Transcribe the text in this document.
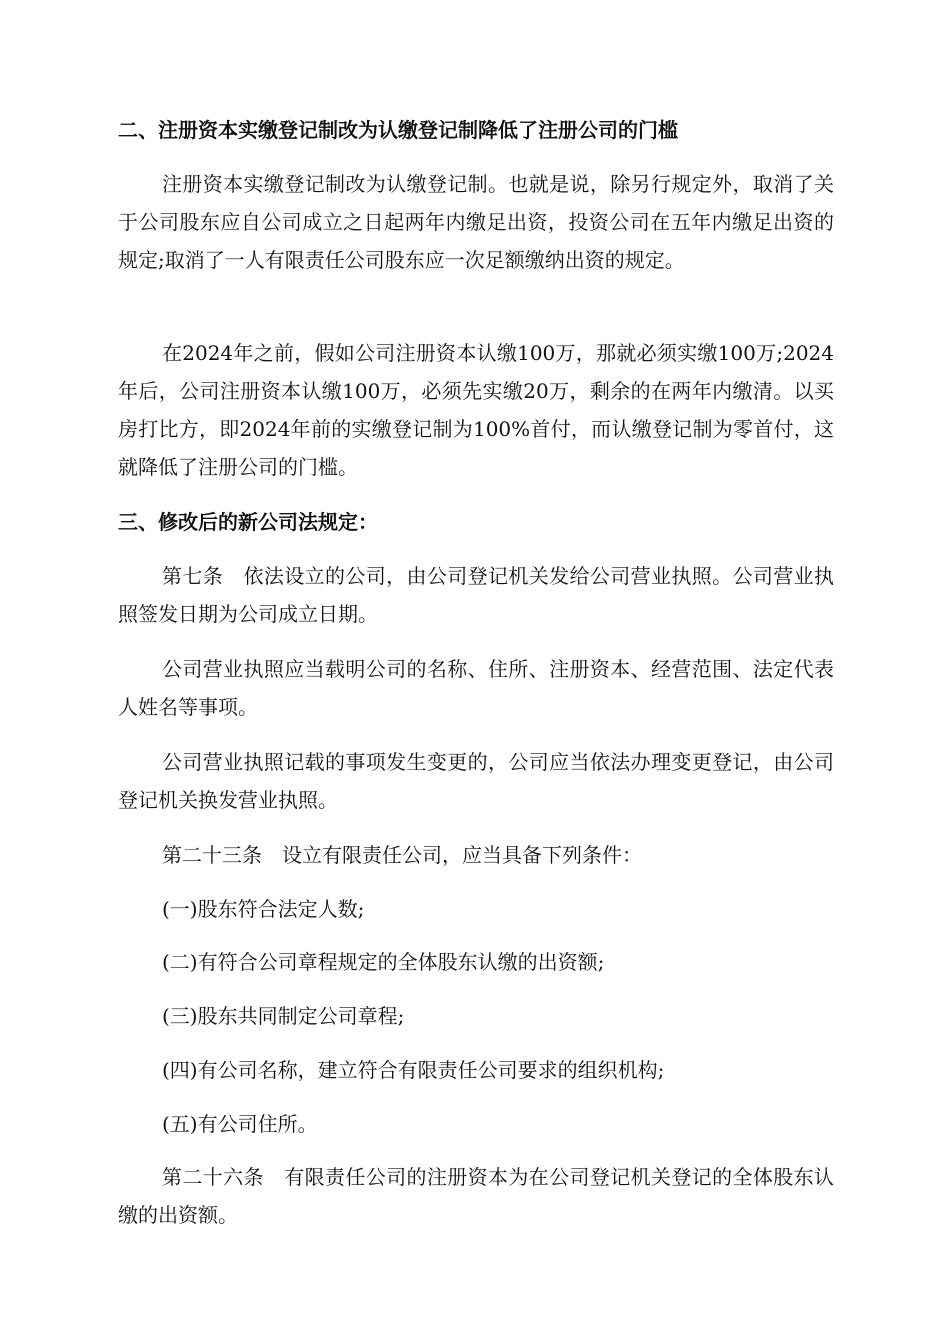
二、注册资本实缴登记制改为认缴登记制降低了注册公司的门槛

注册资本实缴登记制改为认缴登记制。也就是说，除另行规定外，取消了关于公司股东应自公司成立之日起两年内缴足出资，投资公司在五年内缴足出资的规定;取消了一人有限责任公司股东应一次足额缴纳出资的规定。

在2024年之前，假如公司注册资本认缴100万，那就必须实缴100万;2024年后，公司注册资本认缴100万，必须先实缴20万，剩余的在两年内缴清。以买房打比方，即2024年前的实缴登记制为100%首付，而认缴登记制为零首付，这就降低了注册公司的门槛。

三、修改后的新公司法规定：

第七条　依法设立的公司，由公司登记机关发给公司营业执照。公司营业执照签发日期为公司成立日期。

公司营业执照应当载明公司的名称、住所、注册资本、经营范围、法定代表人姓名等事项。

公司营业执照记载的事项发生变更的，公司应当依法办理变更登记，由公司登记机关换发营业执照。

第二十三条　设立有限责任公司，应当具备下列条件：

(一)股东符合法定人数;

(二)有符合公司章程规定的全体股东认缴的出资额;

(三)股东共同制定公司章程;

(四)有公司名称，建立符合有限责任公司要求的组织机构;

(五)有公司住所。

第二十六条　有限责任公司的注册资本为在公司登记机关登记的全体股东认缴的出资额。
